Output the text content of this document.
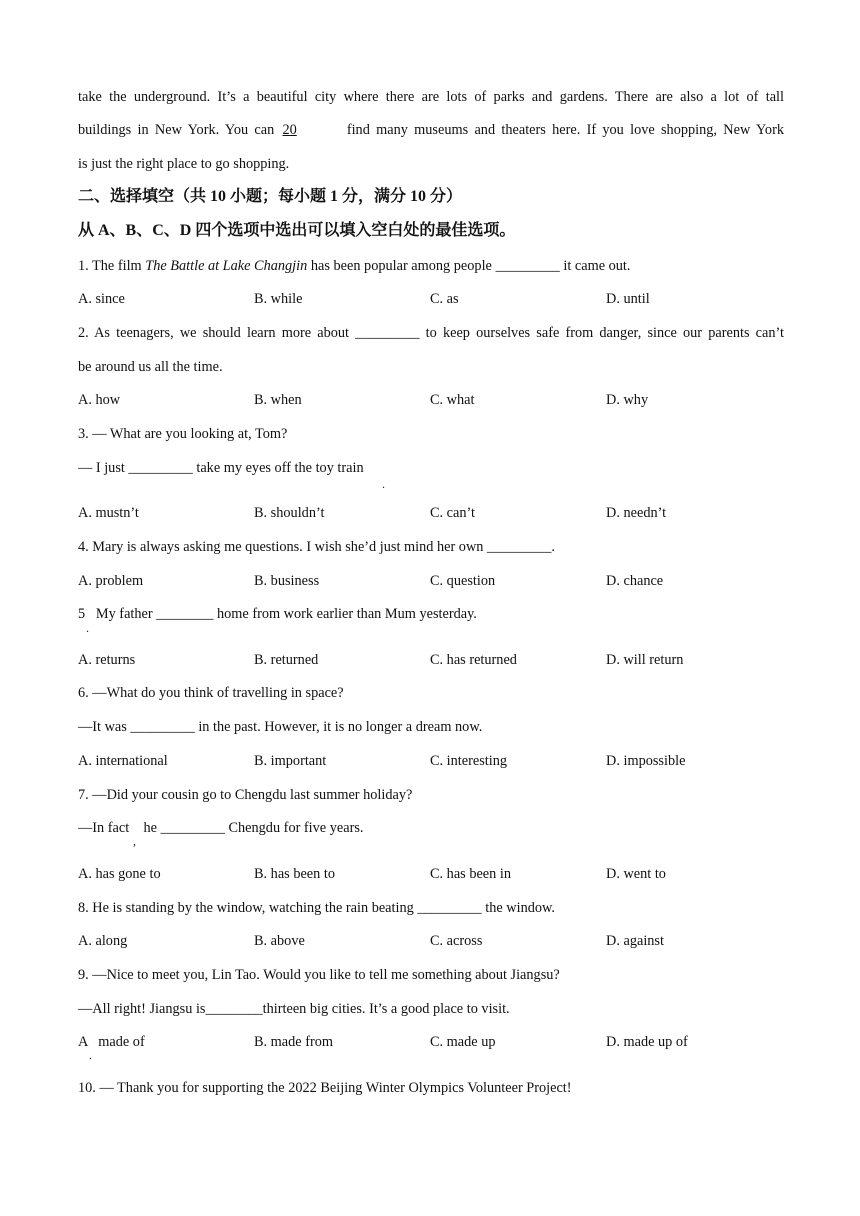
take the underground. It’s a beautiful city where there are lots of parks and gardens. There are also a lot of tall
buildings in New York. You can 20	find many museums and theaters here. If you love shopping, New York
is just the right place to go shopping.
二、选择填空（共 10 小题；每小题 1 分，满分 10 分）
从 A、B、C、D 四个选项中选出可以填入空白处的最佳选项。
1. The film The Battle at Lake Changjin has been popular among people _________ it came out.
A. since	B. while	C. as	D. until
2. As teenagers, we should learn more about _________ to keep ourselves safe from danger, since our parents can’t
be around us all the time.
A. how	B. when	C. what	D. why
3. — What are you looking at, Tom?
— I just _________ take my eyes off the toy train
.
A. mustn’t	B. shouldn’t	C. can’t	D. needn’t
4. Mary is always asking me questions. I wish she’d just mind her own _________.
A. problem	B. business	C. question	D. chance
5   My father ________ home from work earlier than Mum yesterday.
.
A. returns	B. returned	C. has returned	D. will return
6. —What do you think of travelling in space?
—It was _________ in the past. However, it is no longer a dream now.
A. international	B. important	C. interesting	D. impossible
7. —Did your cousin go to Chengdu last summer holiday?
—In fact    he _________ Chengdu for five years.
,
A. has gone to	B. has been to	C. has been in	D. went to
8. He is standing by the window, watching the rain beating _________ the window.
A. along	B. above	C. across	D. against
9. —Nice to meet you, Lin Tao. Would you like to tell me something about Jiangsu?
—All right! Jiangsu is________thirteen big cities. It’s a good place to visit.
A   made of	B. made from	C. made up	D. made up of
.
10. — Thank you for supporting the 2022 Beijing Winter Olympics Volunteer Project!
